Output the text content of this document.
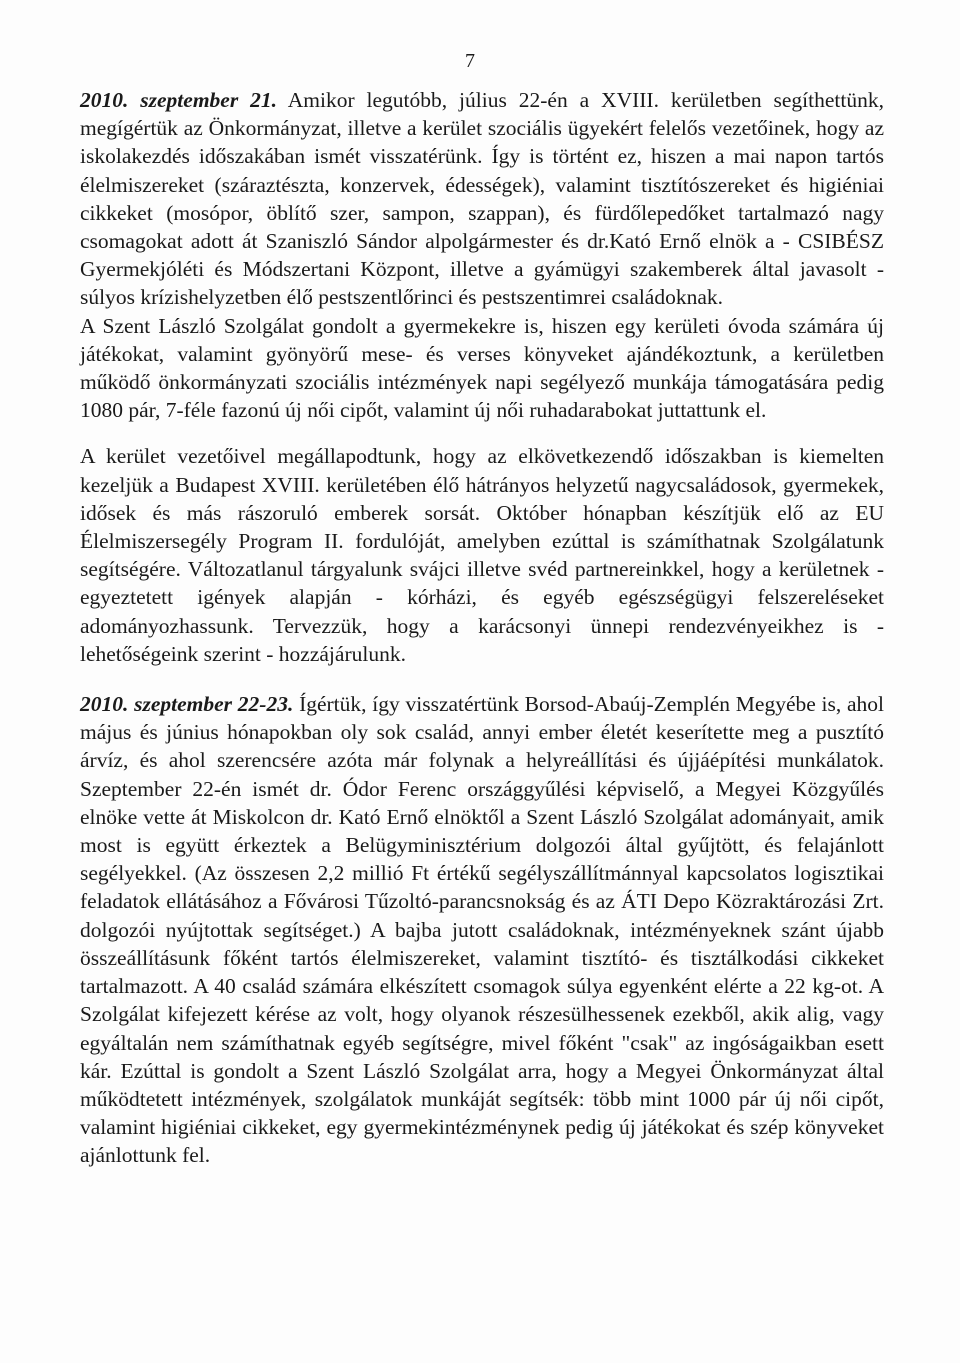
7

2010. szeptember 21. Amikor legutóbb, július 22-én a XVIII. kerületben segíthettünk, megígértük az Önkormányzat, illetve a kerület szociális ügyekért felelős vezetőinek, hogy az iskolakezdés időszakában ismét visszatérünk. Így is történt ez, hiszen a mai napon tartós élelmiszereket (száraztészta, konzervek, édességek), valamint tisztítószereket és higiéniai cikkeket (mosópor, öblítő szer, sampon, szappan), és fürdőlepedőket tartalmazó nagy csomagokat adott át Szaniszló Sándor alpolgármester és dr.Kató Ernő elnök a - CSIBÉSZ Gyermekjóléti és Módszertani Központ, illetve a gyámügyi szakemberek által javasolt - súlyos krízishelyzetben élő pestszentlőrinci és pestszentimrei családoknak.

A Szent László Szolgálat gondolt a gyermekekre is, hiszen egy kerületi óvoda számára új játékokat, valamint gyönyörű mese- és verses könyveket ajándékoztunk, a kerületben működő önkormányzati szociális intézmények napi segélyező munkája támogatására pedig 1080 pár, 7-féle fazonú új női cipőt, valamint új női ruhadarabokat juttattunk el.

A kerület vezetőivel megállapodtunk, hogy az elkövetkezendő időszakban is kiemelten kezeljük a Budapest XVIII. kerületében élő hátrányos helyzetű nagycsaládosok, gyermekek, idősek és más rászoruló emberek sorsát. Október hónapban készítjük elő az EU Élelmiszersegély Program II. fordulóját, amelyben ezúttal is számíthatnak Szolgálatunk segítségére. Változatlanul tárgyalunk svájci illetve svéd partnereinkkel, hogy a kerületnek - egyeztetett igények alapján - kórházi, és egyéb egészségügyi felszereléseket adományozhassunk. Tervezzük, hogy a karácsonyi ünnepi rendezvényeikhez is - lehetőségeink szerint - hozzájárulunk.

2010. szeptember 22-23. Ígértük, így visszatértünk Borsod-Abaúj-Zemplén Megyébe is, ahol május és június hónapokban oly sok család, annyi ember életét keserítette meg a pusztító árvíz, és ahol szerencsére azóta már folynak a helyreállítási és újjáépítési munkálatok. Szeptember 22-én ismét dr. Ódor Ferenc országgyűlési képviselő, a Megyei Közgyűlés elnöke vette át Miskolcon dr. Kató Ernő elnöktől a Szent László Szolgálat adományait, amik most is együtt érkeztek a Belügyminisztérium dolgozói által gyűjtött, és felajánlott segélyekkel. (Az összesen 2,2 millió Ft értékű segélyszállítmánnyal kapcsolatos logisztikai feladatok ellátásához a Fővárosi Tűzoltó-parancsnokság és az ÁTI Depo Közraktározási Zrt. dolgozói nyújtottak segítséget.) A bajba jutott családoknak, intézményeknek szánt újabb összeállításunk főként tartós élelmiszereket, valamint tisztító- és tisztálkodási cikkeket tartalmazott. A 40 család számára elkészített csomagok súlya egyenként elérte a 22 kg-ot. A Szolgálat kifejezett kérése az volt, hogy olyanok részesülhessenek ezekből, akik alig, vagy egyáltalán nem számíthatnak egyéb segítségre, mivel főként "csak" az ingóságaikban esett kár. Ezúttal is gondolt a Szent László Szolgálat arra, hogy a Megyei Önkormányzat által működtetett intézmények, szolgálatok munkáját segítsék: több mint 1000 pár új női cipőt, valamint higiéniai cikkeket, egy gyermekintézménynek pedig új játékokat és szép könyveket ajánlottunk fel.
